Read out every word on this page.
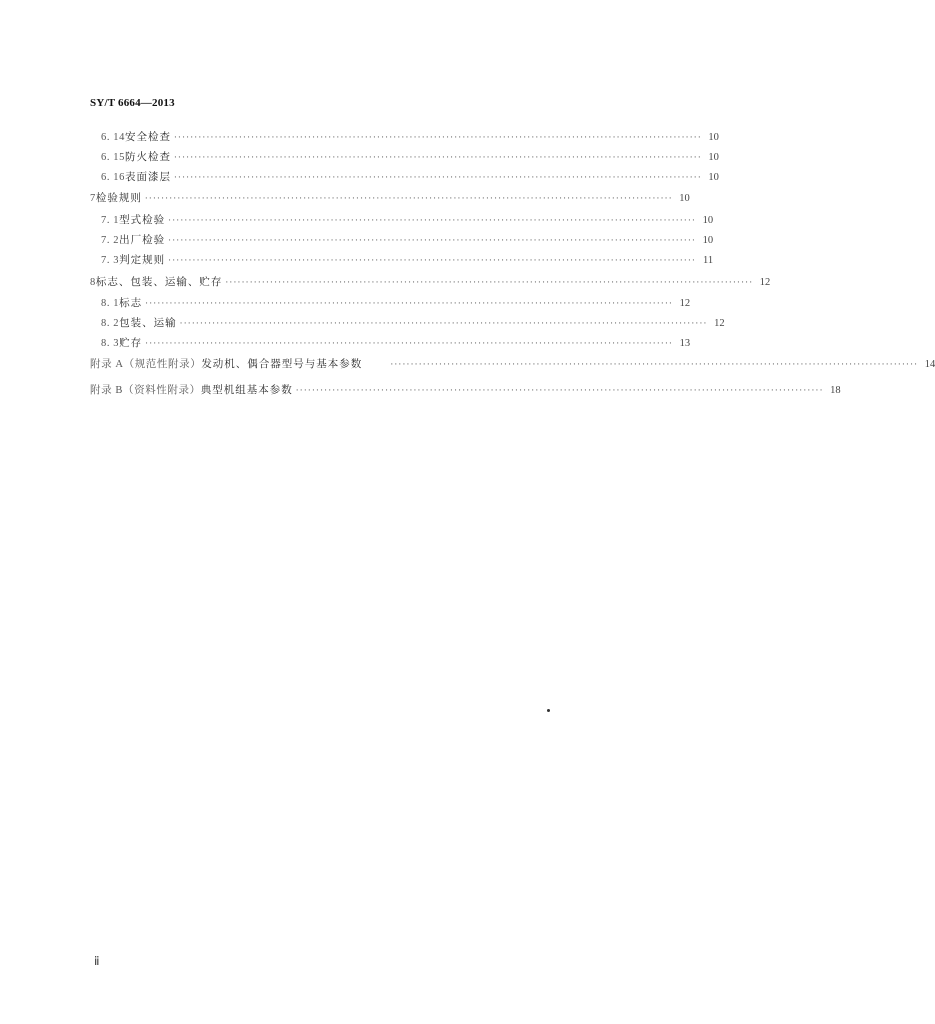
SY/T 6664—2013
6. 14 安全检查 ·································································································································· 10
6. 15 防火检查 ·································································································································· 10
6. 16 表面漆层 ·································································································································· 10
7 检验规则 ·································································································································· 10
7. 1 型式检验 ·································································································································· 10
7. 2 出厂检验 ·································································································································· 10
7. 3 判定规则 ·································································································································· 11
8 标志、包装、运输、贮存 ·································································································································· 12
8. 1 标志 ·································································································································· 12
8. 2 包装、运输 ·································································································································· 12
8. 3 贮存 ·································································································································· 13
附录 A（规范性附录） 发动机、偶合器型号与基本参数	·································································································································· 14
附录 B（资料性附录） 典型机组基本参数 ·································································································································· 18
ⅱ
